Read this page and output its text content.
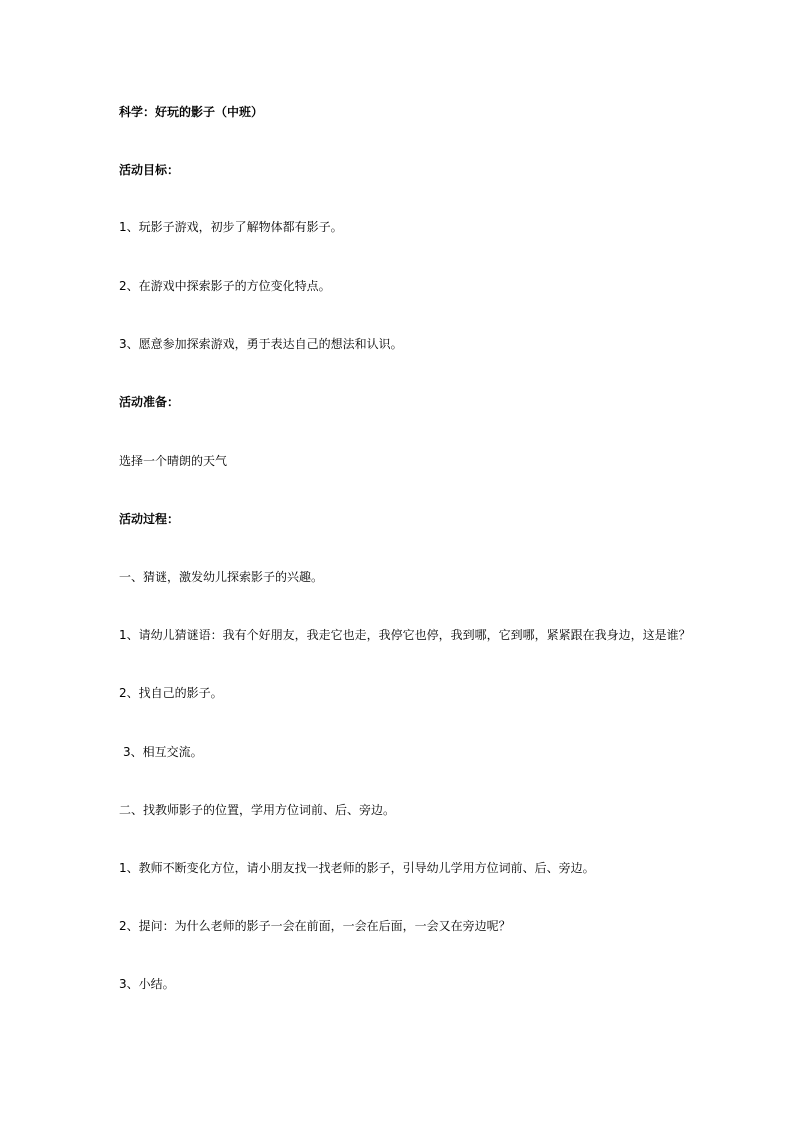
科学：好玩的影子（中班）
活动目标：
1、玩影子游戏，初步了解物体都有影子。
2、在游戏中探索影子的方位变化特点。
3、愿意参加探索游戏，勇于表达自己的想法和认识。
活动准备：
选择一个晴朗的天气
活动过程：
一、猜谜，激发幼儿探索影子的兴趣。
1、请幼儿猜谜语：我有个好朋友，我走它也走，我停它也停，我到哪，它到哪，紧紧跟在我身边，这是谁？
2、找自己的影子。
3、相互交流。
二、找教师影子的位置，学用方位词前、后、旁边。
1、教师不断变化方位，请小朋友找一找老师的影子，引导幼儿学用方位词前、后、旁边。
2、提问：为什么老师的影子一会在前面，一会在后面，一会又在旁边呢？
3、小结。
